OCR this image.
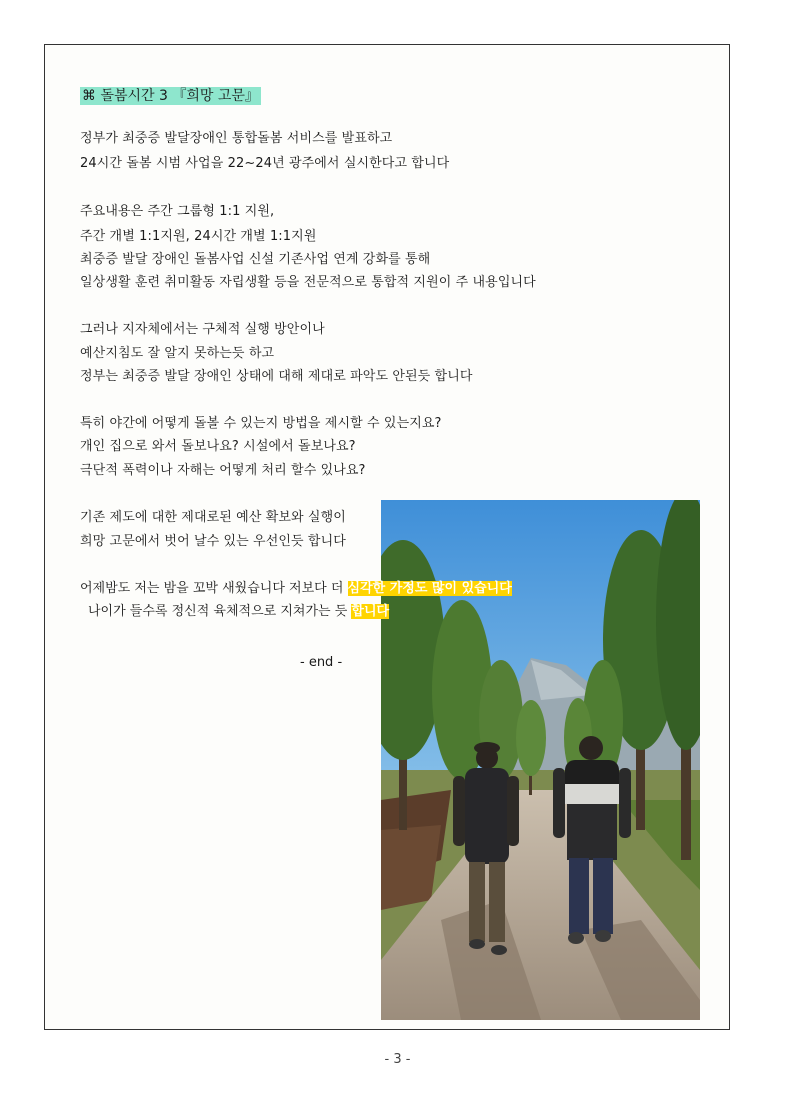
⌘ 돌봄시간 3 『희망 고문』
정부가 최중증 발달장애인 통합돌봄 서비스를 발표하고
24시간 돌봄 시범 사업을 22~24년 광주에서 실시한다고 합니다
주요내용은 주간 그룹형 1:1 지원,
주간 개별 1:1지원, 24시간 개별 1:1지원
최중증 발달 장애인 돌봄사업 신설 기존사업 연계 강화를 통해
일상생활 훈련 취미활동 자립생활 등을 전문적으로 통합적 지원이 주 내용입니다
그러나 지자체에서는 구체적 실행 방안이나
예산지침도 잘 알지 못하는듯 하고
정부는 최중증 발달 장애인 상태에 대해 제대로 파악도 안된듯 합니다
특히 야간에 어떻게 돌볼 수 있는지 방법을 제시할 수 있는지요?
개인 집으로 와서 돌보나요? 시설에서 돌보나요?
극단적 폭력이나 자해는 어떻게 처리 할수 있나요?
기존 제도에 대한 제대로된 예산 확보와 실행이
희망 고문에서 벗어 날수 있는 우선인듯 합니다
어제밤도 저는 밤을 꼬박 새웠습니다 저보다 더 심각한 가정도 많이 있습니다
나이가 들수록 정신적 육체적으로 지쳐가는 듯 합니다
- end -
- 3 -
